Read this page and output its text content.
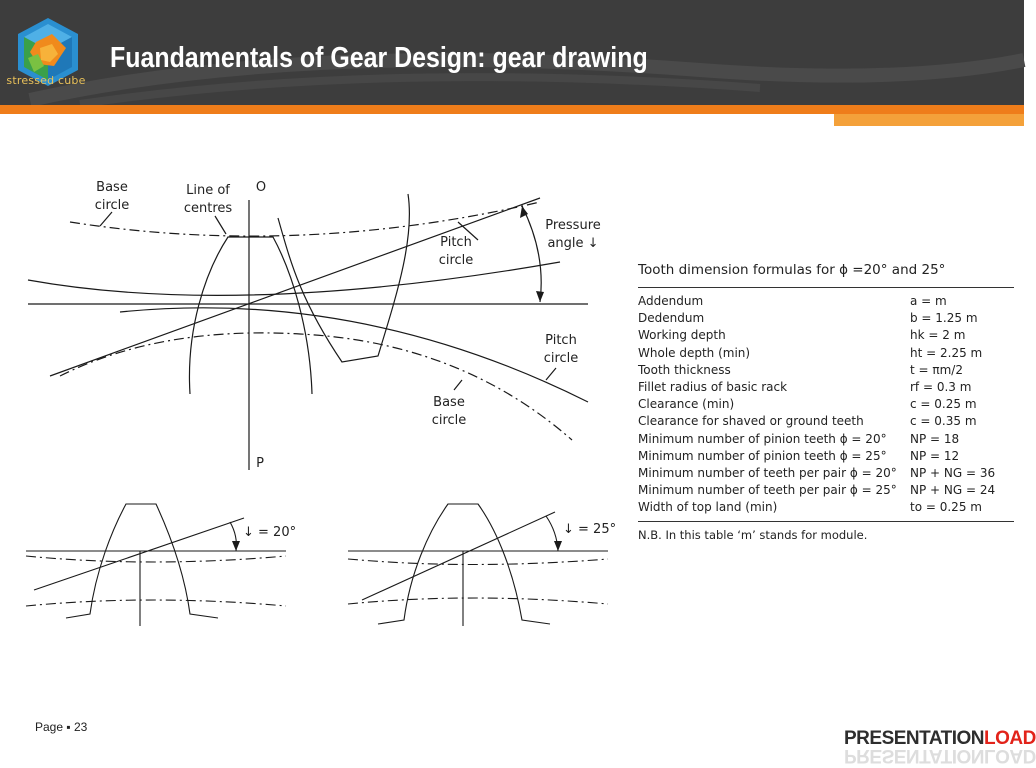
stressed cube
Fuandamentals of Gear Design: gear drawing
Base
circle
Line of
centres
O
Pitch
circle
Pressure
angle ↓
Pitch
circle
Base
circle
P
↓ = 20°	↓ = 25°
Tooth dimension formulas for ϕ =20° and 25°
Addendum	a = m
Dedendum	b = 1.25 m
Working depth	hk = 2 m
Whole depth (min)	ht = 2.25 m
Tooth thickness	t = πm/2
Fillet radius of basic rack	rf = 0.3 m
Clearance (min)	c = 0.25 m
Clearance for shaved or ground teeth	c = 0.35 m
Minimum number of pinion teeth ϕ = 20°	NP = 18
Minimum number of pinion teeth ϕ = 25°	NP = 12
Minimum number of teeth per pair ϕ = 20°	NP + NG = 36
Minimum number of teeth per pair ϕ = 25°	NP + NG = 24
Width of top land (min)	to = 0.25 m
N.B. In this table ‘m’ stands for module.
Page ▪ 23
PRESENTATIONLOAD
PRESENTATIONLOAD
